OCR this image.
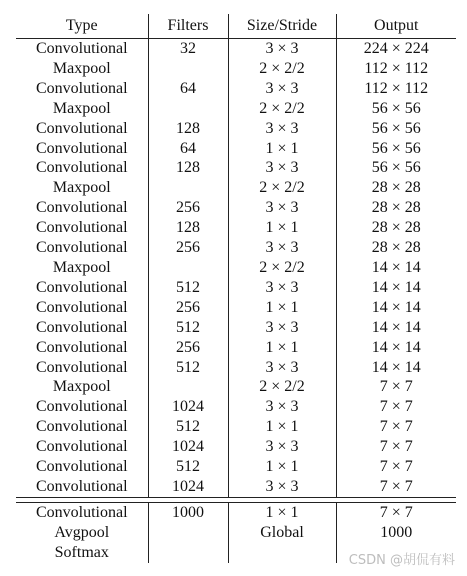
Type	Filters	Size/Stride	Output
Convolutional	32	3 × 3	224 × 224
Maxpool		2 × 2/2	112 × 112
Convolutional	64	3 × 3	112 × 112
Maxpool		2 × 2/2	56 × 56
Convolutional	128	3 × 3	56 × 56
Convolutional	64	1 × 1	56 × 56
Convolutional	128	3 × 3	56 × 56
Maxpool		2 × 2/2	28 × 28
Convolutional	256	3 × 3	28 × 28
Convolutional	128	1 × 1	28 × 28
Convolutional	256	3 × 3	28 × 28
Maxpool		2 × 2/2	14 × 14
Convolutional	512	3 × 3	14 × 14
Convolutional	256	1 × 1	14 × 14
Convolutional	512	3 × 3	14 × 14
Convolutional	256	1 × 1	14 × 14
Convolutional	512	3 × 3	14 × 14
Maxpool		2 × 2/2	7 × 7
Convolutional	1024	3 × 3	7 × 7
Convolutional	512	1 × 1	7 × 7
Convolutional	1024	3 × 3	7 × 7
Convolutional	512	1 × 1	7 × 7
Convolutional	1024	3 × 3	7 × 7

Convolutional	1000	1 × 1	7 × 7
Avgpool		Global	1000
Softmax				CSDN @胡侃有料
